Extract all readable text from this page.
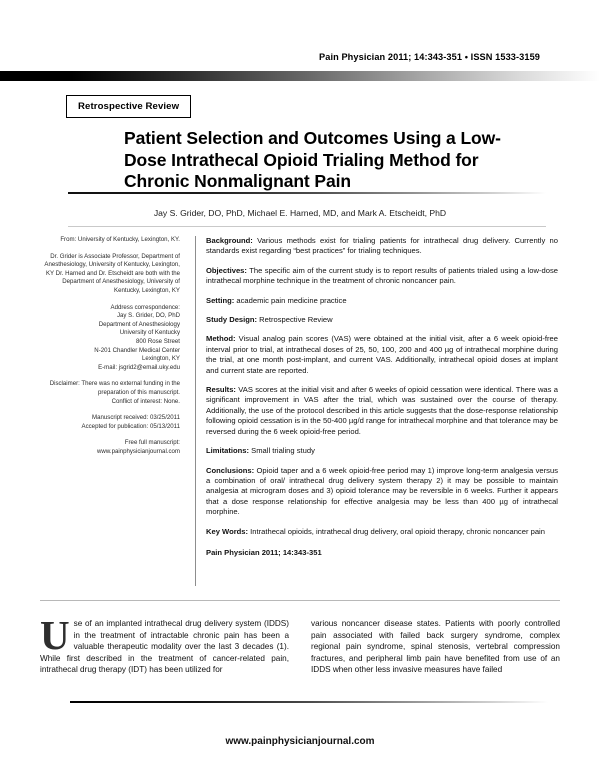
Pain Physician 2011; 14:343-351 • ISSN 1533-3159
Retrospective Review
Patient Selection and Outcomes Using a Low-Dose Intrathecal Opioid Trialing Method for Chronic Nonmalignant Pain
Jay S. Grider, DO, PhD, Michael E. Harned, MD, and Mark A. Etscheidt, PhD

From: University of Kentucky, Lexington, KY.

Dr. Grider is Associate Professor, Department of Anesthesiology, University of Kentucky, Lexington, KY Dr. Harned and Dr. Etscheidt are both with the Department of Anesthesiology, University of Kentucky, Lexington, KY

Address correspondence:

Jay S. Grider, DO, PhD

Department of Anesthesiology

University of Kentucky

800 Rose Street

N-201 Chandler Medical Center

Lexington, KY

E-mail: jsgrid2@email.uky.edu

Disclaimer: There was no external funding in the preparation of this manuscript.

Conflict of interest: None.

Manuscript received: 03/25/2011

Accepted for publication: 05/13/2011

Free full manuscript:

www.painphysicianjournal.com

Background: Various methods exist for trialing patients for intrathecal drug delivery. Currently no standards exist regarding “best practices” for trialing techniques.

Objectives: The specific aim of the current study is to report results of patients trialed using a low-dose intrathecal morphine technique in the treatment of chronic noncancer pain.

Setting: academic pain medicine practice

Study Design: Retrospective Review

Method: Visual analog pain scores (VAS) were obtained at the initial visit, after a 6 week opioid-free interval prior to trial, at intrathecal doses of 25, 50, 100, 200 and 400 µg of intrathecal morphine during the trial, at one month post-implant, and current VAS. Additionally, intrathecal opioid doses at implant and current state are reported.

Results: VAS scores at the initial visit and after 6 weeks of opioid cessation were identical. There was a significant improvement in VAS after the trial, which was sustained over the course of therapy. Additionally, the use of the protocol described in this article suggests that the dose-response relationship following opioid cessation is in the 50-400 µg/d range for intrathecal morphine and that tolerance may be reversed during the 6 week opioid-free period.

Limitations: Small trialing study

Conclusions: Opioid taper and a 6 week opioid-free period may 1) improve long-term analgesia versus a combination of oral/ intrathecal drug delivery system therapy 2) it may be possible to maintain analgesia at microgram doses and 3) opioid tolerance may be reversible in 6 weeks. Further it appears that a dose response relationship for effective analgesia may be less than 400 µg of intrathecal morphine.

Key Words: Intrathecal opioids, intrathecal drug delivery, oral opioid therapy, chronic noncancer pain

Pain Physician 2011; 14:343-351

Use of an implanted intrathecal drug delivery system (IDDS) in the treatment of intractable chronic pain has been a valuable therapeutic modality over the last 3 decades (1). While first described in the treatment of cancer-related pain, intrathecal drug therapy (IDT) has been utilized for

various noncancer disease states. Patients with poorly controlled pain associated with failed back surgery syndrome, complex regional pain syndrome, spinal stenosis, vertebral compression fractures, and peripheral limb pain have benefited from use of an IDDS when other less invasive measures have failed

www.painphysicianjournal.com
